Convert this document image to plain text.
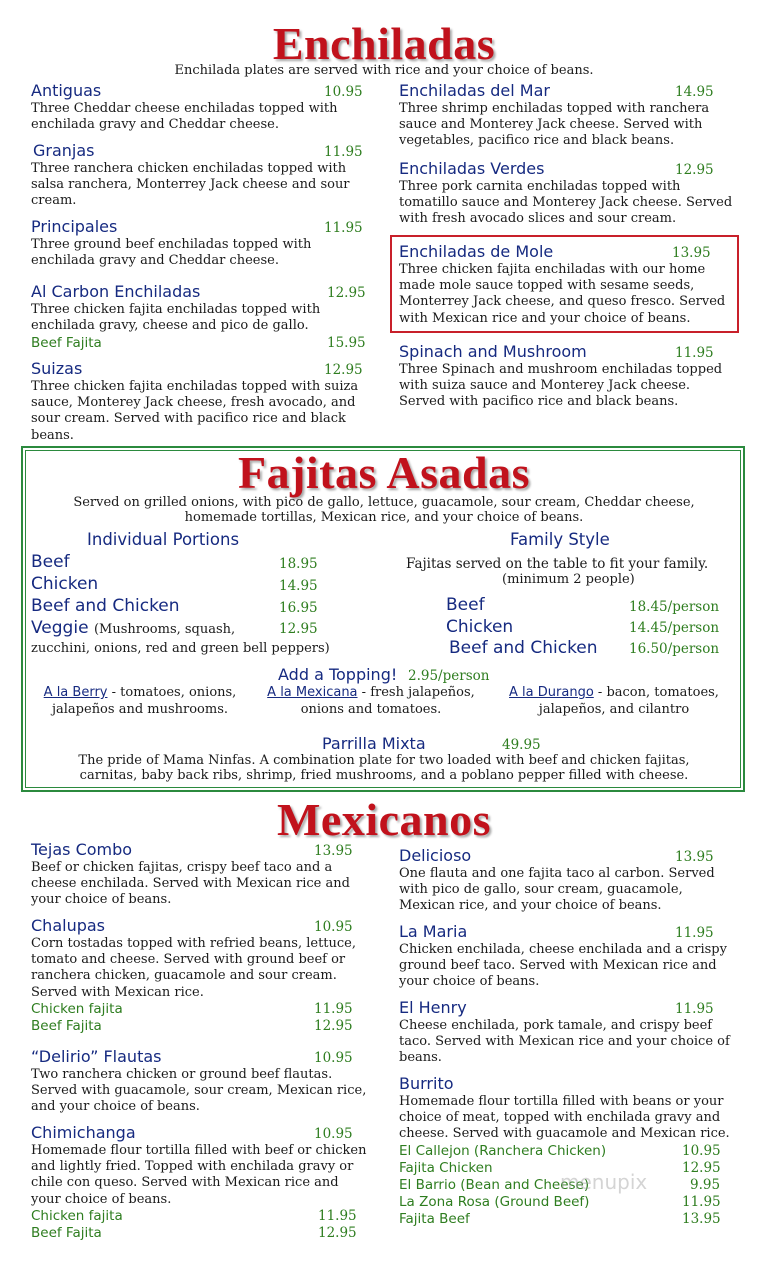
Enchiladas
Enchilada plates are served with rice and your choice of beans.
Antiguas	10.95
Three Cheddar cheese enchiladas topped with enchilada gravy and Cheddar cheese.
Granjas	11.95
Three ranchera chicken enchiladas topped with salsa ranchera, Monterrey Jack cheese and sour cream.
Principales	11.95
Three ground beef enchiladas topped with enchilada gravy and Cheddar cheese.
Al Carbon Enchiladas	12.95
Three chicken fajita enchiladas topped with enchilada gravy, cheese and pico de gallo.
Beef Fajita	15.95
Suizas	12.95
Three chicken fajita enchiladas topped with suiza sauce, Monterey Jack cheese, fresh avocado, and sour cream. Served with pacifico rice and black beans.
Enchiladas del Mar	14.95
Three shrimp enchiladas topped with ranchera sauce and Monterey Jack cheese. Served with vegetables, pacifico rice and black beans.
Enchiladas Verdes	12.95
Three pork carnita enchiladas topped with tomatillo sauce and Monterey Jack cheese. Served with fresh avocado slices and sour cream.
Enchiladas de Mole	13.95
Three chicken fajita enchiladas with our home made mole sauce topped with sesame seeds, Monterrey Jack cheese, and queso fresco. Served with Mexican rice and your choice of beans.
Spinach and Mushroom	11.95
Three Spinach and mushroom enchiladas topped with suiza sauce and Monterey Jack cheese. Served with pacifico rice and black beans.
Fajitas Asadas
Served on grilled onions, with pico de gallo, lettuce, guacamole, sour cream, Cheddar cheese, homemade tortillas, Mexican rice, and your choice of beans.
Individual Portions
Beef	18.95
Chicken	14.95
Beef and Chicken	16.95
Veggie (Mushrooms, squash,	12.95
zucchini, onions, red and green bell peppers)
Family Style
Fajitas served on the table to fit your family.
(minimum 2 people)
Beef	18.45/person
Chicken	14.45/person
Beef and Chicken 16.50/person
Add a Topping! 2.95/person
A la Berry - tomatoes, onions,
jalapeños and mushrooms.
A la Mexicana - fresh jalapeños,
onions and tomatoes.
A la Durango - bacon, tomatoes,
jalapeños, and cilantro
Parrilla Mixta	49.95
The pride of Mama Ninfas. A combination plate for two loaded with beef and chicken fajitas, carnitas, baby back ribs, shrimp, fried mushrooms, and a poblano pepper filled with cheese.
Mexicanos
Tejas Combo	13.95
Beef or chicken fajitas, crispy beef taco and a cheese enchilada. Served with Mexican rice and your choice of beans.
Chalupas	10.95
Corn tostadas topped with refried beans, lettuce, tomato and cheese. Served with ground beef or ranchera chicken, guacamole and sour cream. Served with Mexican rice.
Chicken fajita	11.95
Beef Fajita	12.95
“Delirio” Flautas	10.95
Two ranchera chicken or ground beef flautas. Served with guacamole, sour cream, Mexican rice, and your choice of beans.
Chimichanga	10.95
Homemade flour tortilla filled with beef or chicken and lightly fried. Topped with enchilada gravy or chile con queso. Served with Mexican rice and your choice of beans.
Chicken fajita	11.95
Beef Fajita	12.95
Delicioso	13.95
One flauta and one fajita taco al carbon. Served with pico de gallo, sour cream, guacamole, Mexican rice, and your choice of beans.
La Maria	11.95
Chicken enchilada, cheese enchilada and a crispy ground beef taco. Served with Mexican rice and your choice of beans.
El Henry	11.95
Cheese enchilada, pork tamale, and crispy beef taco. Served with Mexican rice and your choice of beans.
Burrito
Homemade flour tortilla filled with beans or your choice of meat, topped with enchilada gravy and cheese. Served with guacamole and Mexican rice.
El Callejon (Ranchera Chicken)	10.95
Fajita Chicken	12.95
El Barrio (Bean and Cheese)	9.95
La Zona Rosa (Ground Beef)	11.95
Fajita Beef	13.95
menupix
